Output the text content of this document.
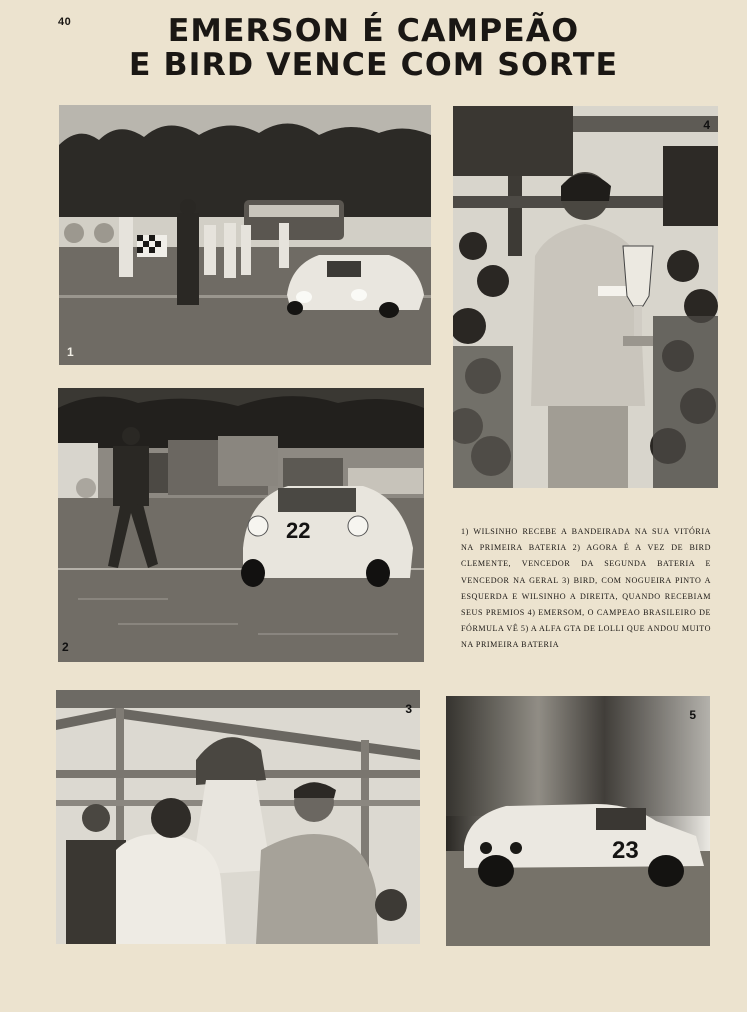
40	EMERSON É CAMPEÃO
E BIRD VENCE COM SORTE
1
22
2
4
3
23
5
1) WILSINHO RECEBE A BANDEIRADA NA SUA VITÓRIA NA PRIMEIRA BATERIA 2) AGORA É A VEZ DE BIRD CLEMENTE, VENCEDOR DA SEGUNDA BATERIA E VENCEDOR NA GERAL 3) BIRD, COM NOGUEIRA PINTO A ESQUERDA E WILSINHO A DIREITA, QUANDO RECEBIAM SEUS PREMIOS 4) EMERSOM, O CAMPEAO BRASILEIRO DE FÓRMULA VÊ 5) A ALFA GTA DE LOLLI QUE ANDOU MUITO NA PRIMEIRA BATERIA
